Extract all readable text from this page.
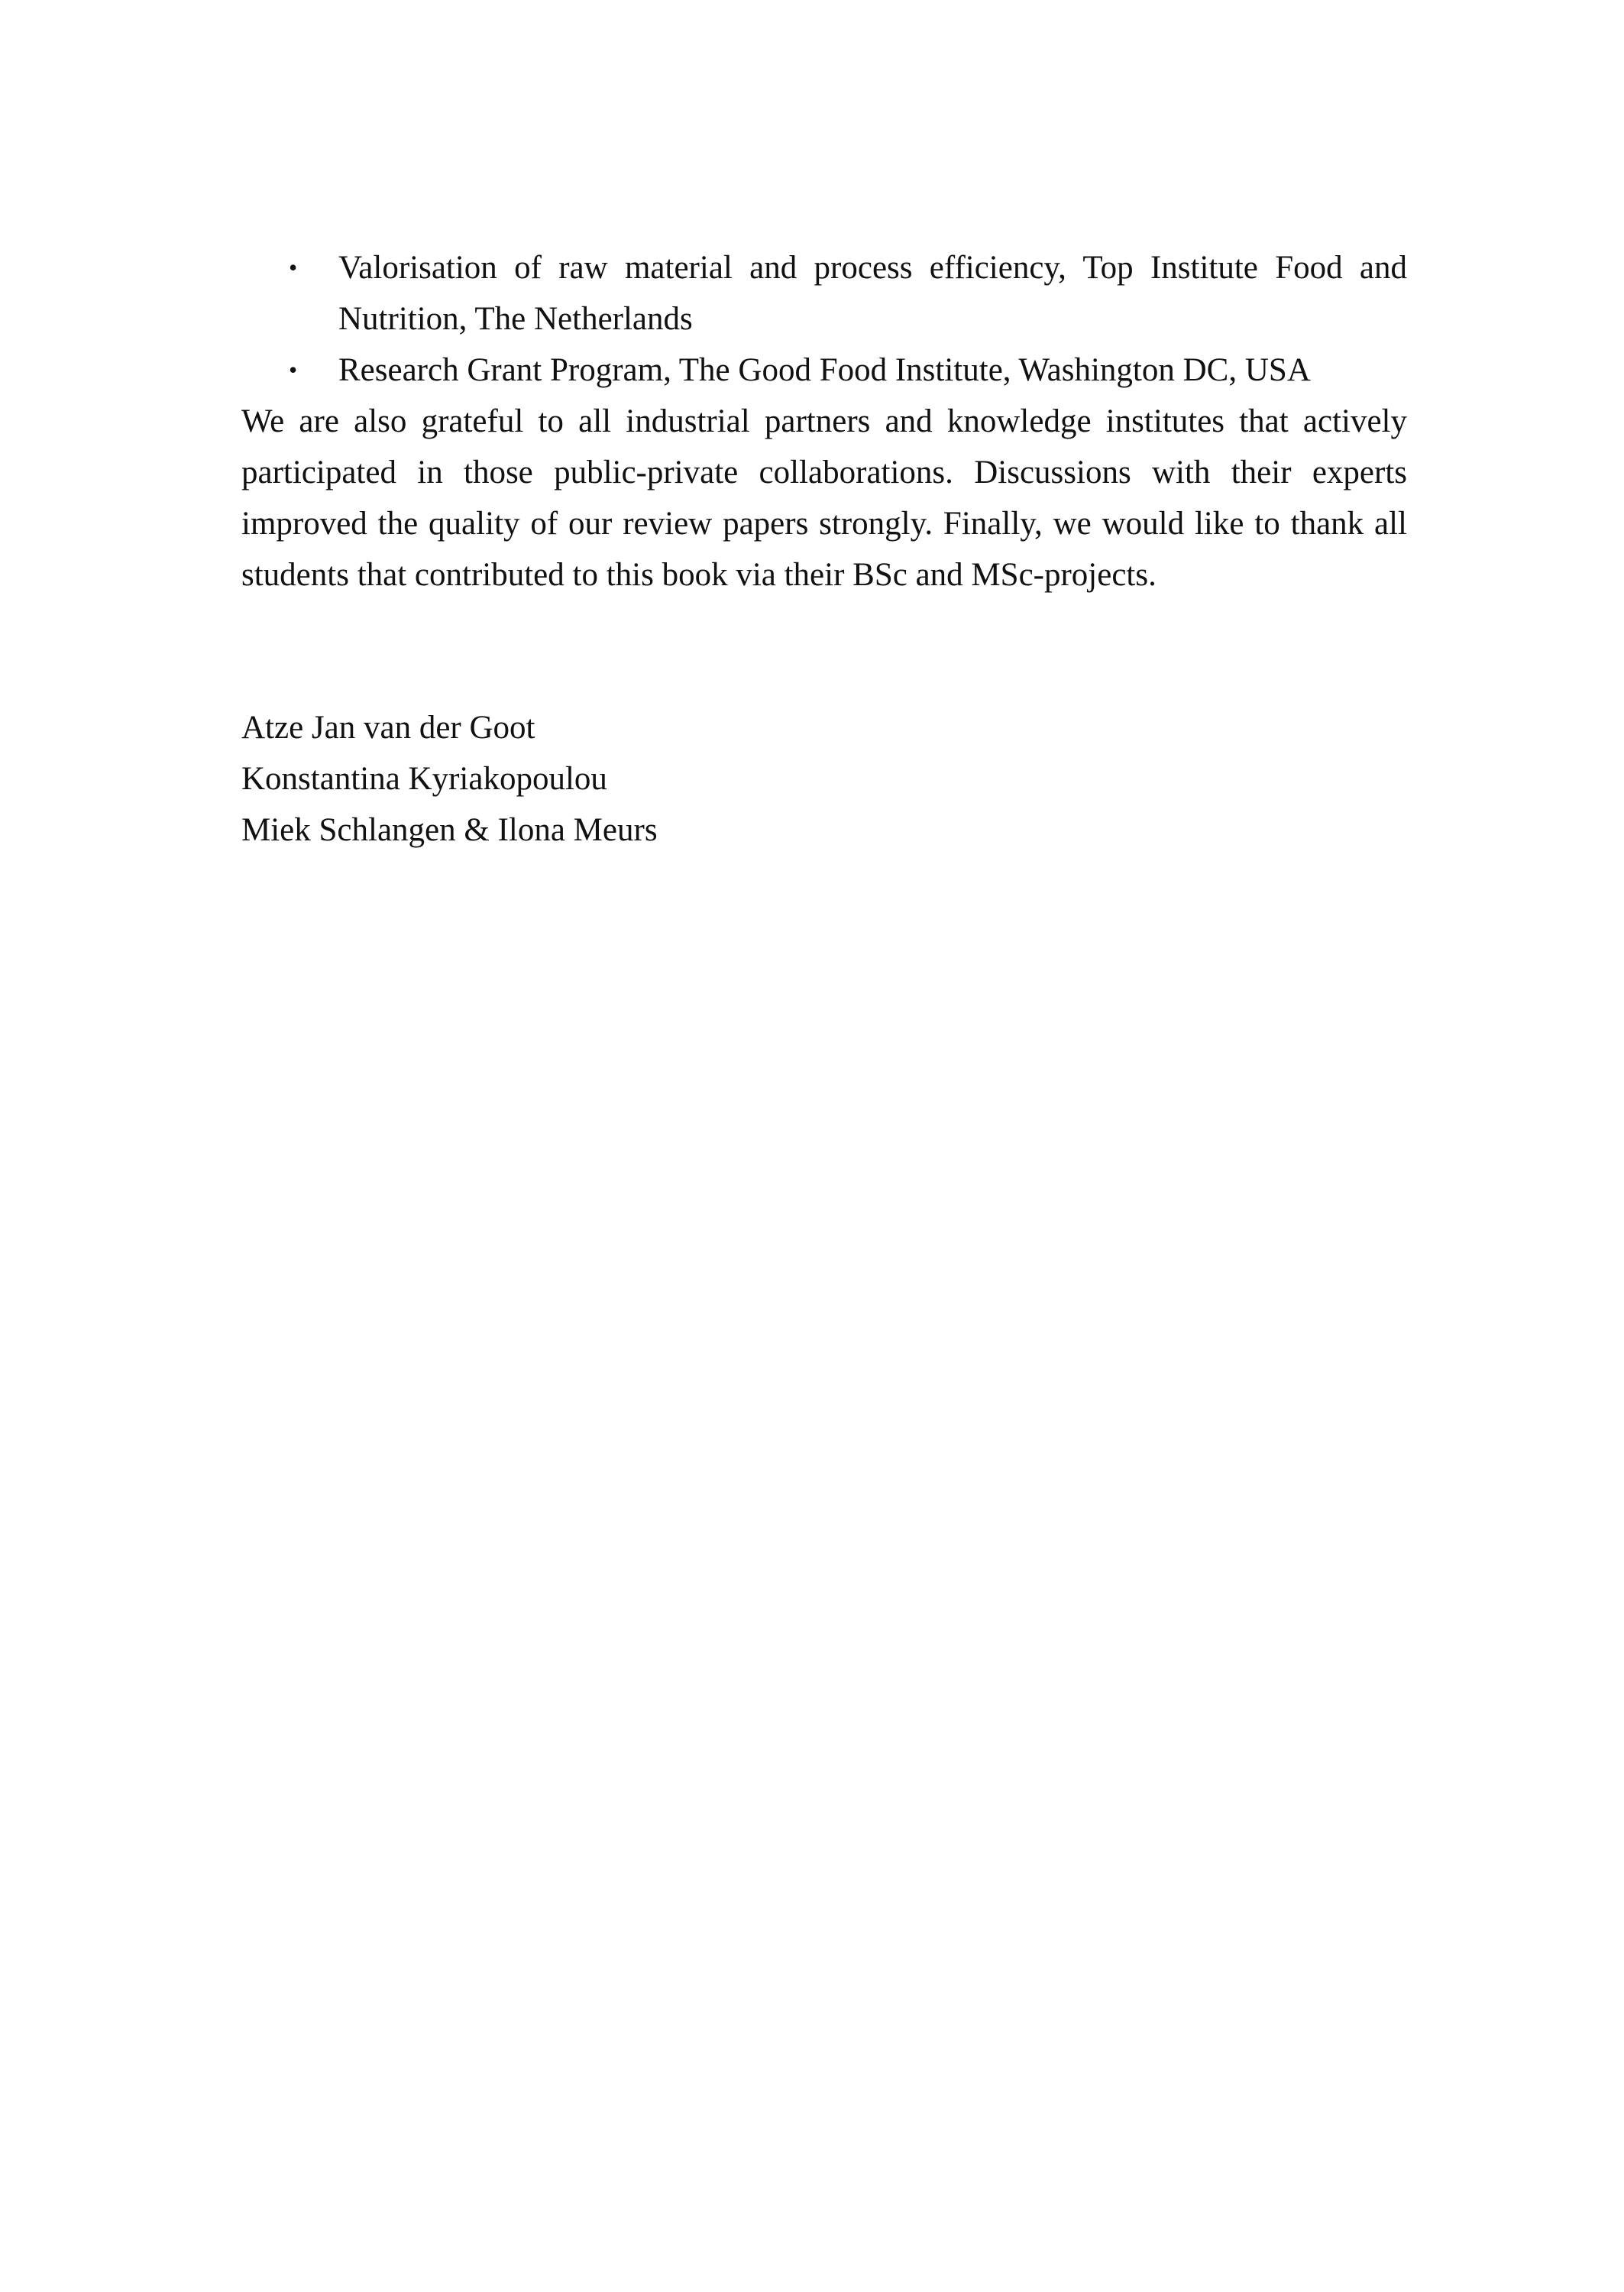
• Valorisation of raw material and process efficiency, Top Institute Food and Nutrition, The Netherlands
• Research Grant Program, The Good Food Institute, Washington DC, USA

We are also grateful to all industrial partners and knowledge institutes that actively participated in those public-private collaborations. Discussions with their experts improved the quality of our review papers strongly. Finally, we would like to thank all students that contributed to this book via their BSc and MSc-projects.

Atze Jan van der Goot
Konstantina Kyriakopoulou
Miek Schlangen & Ilona Meurs
